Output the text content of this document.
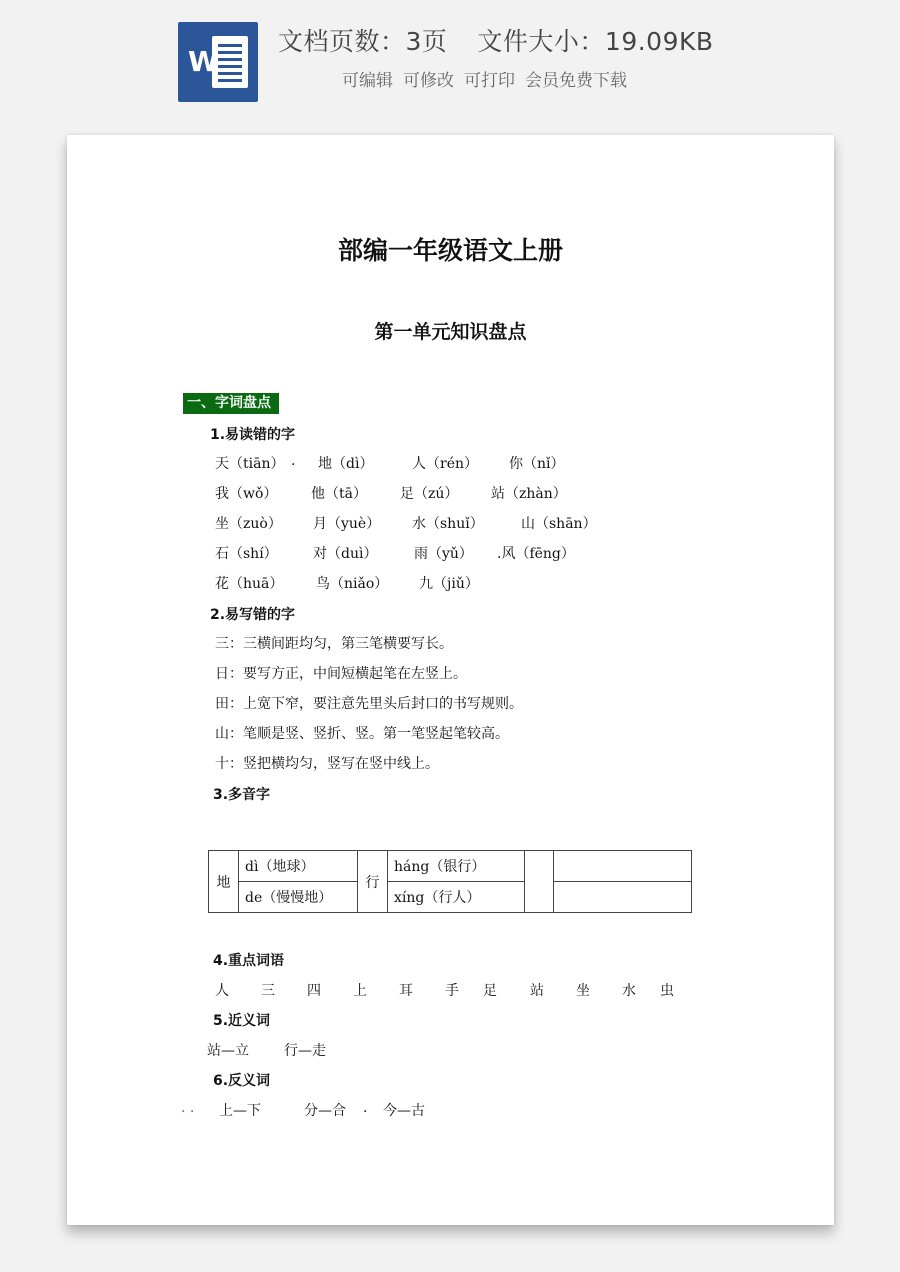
W
文档页数：3页 文件大小：19.09KB
可编辑 可修改 可打印 会员免费下载
部编一年级语文上册
第一单元知识盘点
一、字词盘点
1.易读错的字
天（tiān） . 地（dì）	人（rén） 你（nǐ）
我（wǒ） 他（tā） 足（zú） 站（zhàn）
坐（zuò） 月（yuè） 水（shuǐ）	山（shān）
石（shí）	对（duì）	雨（yǔ） .风（fēng）
花（huā） 鸟（niǎo） 九（jiǔ）
2.易写错的字
三：三横间距均匀，第三笔横要写长。
日：要写方正，中间短横起笔在左竖上。
田：上宽下窄，要注意先里头后封口的书写规则。
山：笔顺是竖、竖折、竖。第一笔竖起笔较高。
十：竖把横均匀，竖写在竖中线上。
3.多音字
地	dì（地球）	行	háng（银行）		
	de（慢慢地）		xíng（行人）		
4.重点词语
人 三 四 上 耳 手 足 站 坐 水 虫
5.近义词
站—立	行—走
6.反义词
. . 上—下	分—合 . 今—古
